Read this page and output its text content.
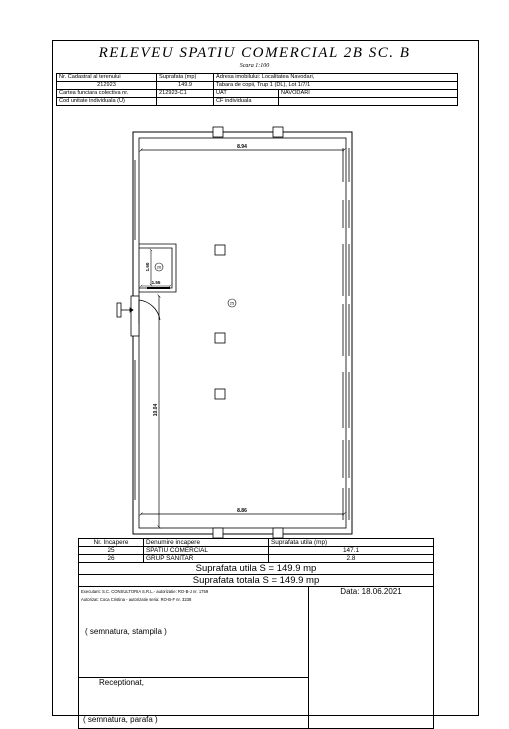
RELEVEU SPATIU COMERCIAL 2B SC. B
Scara 1:100
Nr. Cadastral al terenului	Suprafata (mp)	Adresa imobilului: Localitatea Navodari,	
212923	149.9	Tabara de copii, Trup 1 (DL), Lot 1/7/1	
Cartea funciara colectiva nr.	212923-C1	UAT	NAVODARI
Cod unitate individuala (U)		CF individuala	
8.94
8.86
10.04
1.55
1.60 26
25
Nr. Incapere	Denumire incapere	Suprafata utila (mp)	
25	SPATIU COMERCIAL	147.1	
26	GRUP SANITAR	2.8	
Suprafata utila S = 149.9 mp			
Suprafata totala S = 149.9 mp			

Executant: S.C. CONSULTORIA S.R.L.- autorizatie: RO-B-J nr. 1759
Autorizat: Coca Cristina - autorizatie seria: RO-B-F nr. 3238
( semnatura, stampila )			Data: 18.06.2021

Receptionat,
( semnatura, parafa )			
